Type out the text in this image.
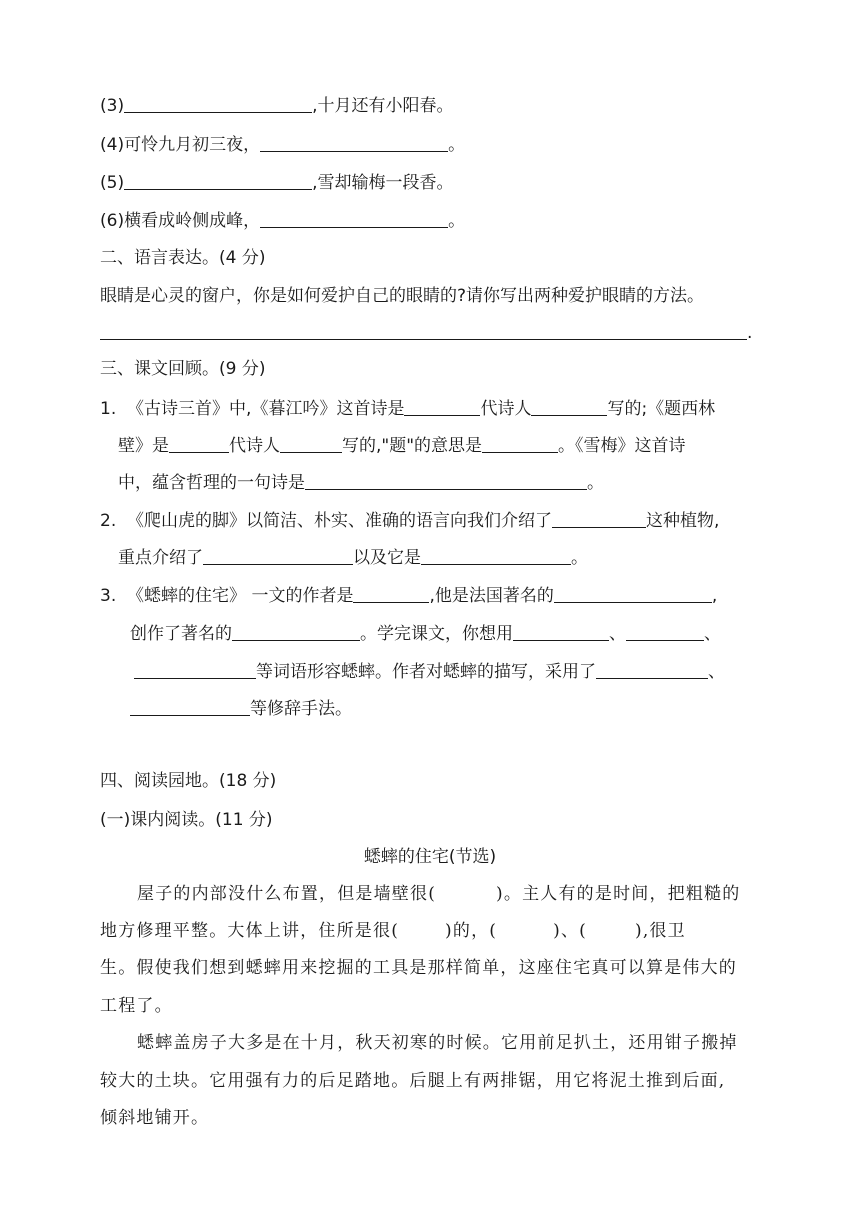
(3)	,十月还有小阳春。
(4)可怜九月初三夜，	。
(5)	,雪却输梅一段香。
(6)横看成岭侧成峰，	。
二、语言表达。(4 分)
眼睛是心灵的窗户，你是如何爱护自己的眼睛的?请你写出两种爱护眼睛的方法。
.
三、课文回顾。(9 分)
1. 《古诗三首》中,《暮江吟》这首诗是	代诗人	写的;《题西林
壁》是	代诗人	写的,"题"的意思是	。《雪梅》这首诗
中，蕴含哲理的一句诗是	。
2. 《爬山虎的脚》以简洁、朴实、准确的语言向我们介绍了	这种植物,
重点介绍了	以及它是	。
3. 《蟋蟀的住宅》 一文的作者是	,他是法国著名的	,
创作了著名的	。学完课文，你想用	、	、
等词语形容蟋蟀。作者对蟋蟀的描写，采用了	、
等修辞手法。
四、阅读园地。(18 分)
(一)课内阅读。(11 分)
蟋蟀的住宅(节选)
屋子的内部没什么布置，但是墙壁很(	)。主人有的是时间，把粗糙的
地方修理平整。大体上讲，住所是很(	)的，(	)、(	),很卫
生。假使我们想到蟋蟀用来挖掘的工具是那样简单，这座住宅真可以算是伟大的
工程了。
蟋蟀盖房子大多是在十月，秋天初寒的时候。它用前足扒土，还用钳子搬掉
较大的土块。它用强有力的后足踏地。后腿上有两排锯，用它将泥土推到后面,
倾斜地铺开。
